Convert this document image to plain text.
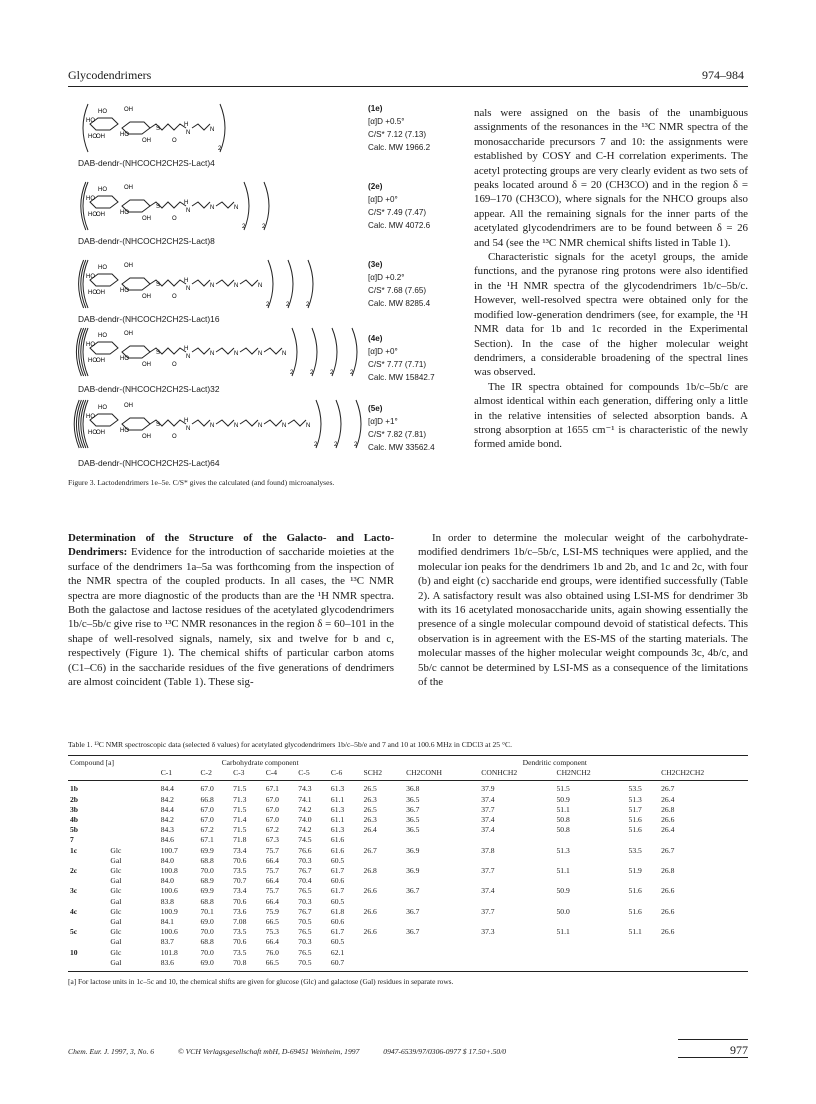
Glycodendrimers	974–984
HO	OH
HO
HO OH	HO
OH
S
H
N
O
N
2
DAB-dendr-(NHCOCH2CH2S-Lact)4
(1e)
[α]D +0.5°
C/S* 7.12 (7.13)
Calc. MW 1966.2
HO	OH
HO
HO OH	HO
OH
S
H
N
O
N	N
2	2
DAB-dendr-(NHCOCH2CH2S-Lact)8
(2e)
[α]D +0°
C/S* 7.49 (7.47)
Calc. MW 4072.6
HO	OH
HO
HO OH	HO
OH
S
H
N
O
N	N	N
2	2	2
DAB-dendr-(NHCOCH2CH2S-Lact)16
(3e)
[α]D +0.2°
C/S* 7.68 (7.65)
Calc. MW 8285.4
HO	OH
HO
HO OH	HO
OH
S
H
N
O
N	N	N	N
2	2	2	2
DAB-dendr-(NHCOCH2CH2S-Lact)32
(4e)
[α]D +0°
C/S* 7.77 (7.71)
Calc. MW 15842.7
HO	OH
HO
HO OH	HO
OH
S
H
N
O
N	N	N	N	N
2	2	2
DAB-dendr-(NHCOCH2CH2S-Lact)64
(5e)
[α]D +1°
C/S* 7.82 (7.81)
Calc. MW 33562.4
Figure 3. Lactodendrimers 1e–5e. C/S* gives the calculated (and found) microanalyses.

nals were assigned on the basis of the unambiguous assignments of the resonances in the ¹³C NMR spectra of the monosaccharide precursors 7 and 10: the assignments were established by COSY and C-H correlation experiments. The acetyl protecting groups are very clearly evident as two sets of peaks located around δ = 20 (CH3CO) and in the region δ = 169–170 (CH3CO), where signals for the NHCO groups also appear. All the remaining signals for the inner parts of the acetylated glycodendrimers are to be found between δ = 26 and 54 (see the ¹³C NMR chemical shifts listed in Table 1).

Characteristic signals for the acetyl groups, the amide functions, and the pyranose ring protons were also identified in the ¹H NMR spectra of the glycodendrimers 1b/c–5b/c. However, well-resolved spectra were obtained only for the modified low-generation dendrimers (see, for example, the ¹H NMR data for 1b and 1c recorded in the Experimental Section). In the case of the higher molecular weight dendrimers, a considerable broadening of the spectral lines was observed.

The IR spectra obtained for compounds 1b/c–5b/c are almost identical within each generation, differing only a little in the relative intensities of selected absorption bands. A strong absorption at 1655 cm⁻¹ is characteristic of the newly formed amide bond.

Determination of the Structure of the Galacto- and Lacto-Dendrimers: Evidence for the introduction of saccharide moieties at the surface of the dendrimers 1a–5a was forthcoming from the inspection of the NMR spectra of the coupled products. In all cases, the ¹³C NMR spectra are more diagnostic of the products than are the ¹H NMR spectra. Both the galactose and lactose residues of the acetylated glycodendrimers 1b/c–5b/c give rise to ¹³C NMR resonances in the region δ = 60–101 in the shape of well-resolved signals, namely, six and twelve for b and c, respectively (Figure 1). The chemical shifts of particular carbon atoms (C1–C6) in the saccharide residues of the five generations of dendrimers are almost coincident (Table 1). These sig-

In order to determine the molecular weight of the carbohydrate-modified dendrimers 1b/c–5b/c, LSI-MS techniques were applied, and the molecular ion peaks for the dendrimers 1b and 2b, and 1c and 2c, with four (b) and eight (c) saccharide end groups, were identified successfully (Table 2). A satisfactory result was also obtained using LSI-MS for dendrimer 3b with its 16 acetylated monosaccharide units, again showing essentially the presence of a single molecular compound devoid of statistical defects. This observation is in agreement with the ES-MS of the starting materials. The molecular masses of the higher molecular weight compounds 3c, 4b/c, and 5b/c cannot be determined by LSI-MS as a consequence of the limitations of the

Table 1. ¹³C NMR spectroscopic data (selected δ values) for acetylated glycodendrimers 1b/c–5b/e and 7 and 10 at 100.6 MHz in CDCl3 at 25 °C.
Compound [a]		Carbohydrate component						Dendritic component					
		C-1	C-2	C-3	C-4	C-5	C-6	SCH2	CH2CONH	CONHCH2	CH2NCH2		CH2CH2CH2
1b		84.4	67.0	71.5	67.1	74.3	61.3	26.5	36.8	37.9	51.5	53.5	26.7
2b		84.2	66.8	71.3	67.0	74.1	61.1	26.3	36.5	37.4	50.9	51.3	26.4
3b		84.4	67.0	71.5	67.0	74.2	61.3	26.5	36.7	37.7	51.1	51.7	26.8
4b		84.2	67.0	71.4	67.0	74.0	61.1	26.3	36.5	37.4	50.8	51.6	26.6
5b		84.3	67.2	71.5	67.2	74.2	61.3	26.4	36.5	37.4	50.8	51.6	26.4
7		84.6	67.1	71.8	67.3	74.5	61.6						
1c	Glc	100.7	69.9	73.4	75.7	76.6	61.6	26.7	36.9	37.8	51.3	53.5	26.7
	Gal	84.0	68.8	70.6	66.4	70.3	60.5						
2c	Glc	100.8	70.0	73.5	75.7	76.7	61.7	26.8	36.9	37.7	51.1	51.9	26.8
	Gal	84.0	68.9	70.7	66.4	70.4	60.6						
3c	Glc	100.6	69.9	73.4	75.7	76.5	61.7	26.6	36.7	37.4	50.9	51.6	26.6
	Gal	83.8	68.8	70.6	66.4	70.3	60.5						
4c	Glc	100.9	70.1	73.6	75.9	76.7	61.8	26.6	36.7	37.7	50.0	51.6	26.6
	Gal	84.1	69.0	7.08	66.5	70.5	60.6						
5c	Glc	100.6	70.0	73.5	75.3	76.5	61.7	26.6	36.7	37.3	51.1	51.1	26.6
	Gal	83.7	68.8	70.6	66.4	70.3	60.5						
10	Glc	101.8	70.0	73.5	76.0	76.5	62.1						
	Gal	83.6	69.0	70.8	66.5	70.5	60.7						
[a] For lactose units in 1c–5c and 10, the chemical shifts are given for glucose (Glc) and galactose (Gal) residues in separate rows.
Chem. Eur. J. 1997, 3, No. 6	© VCH Verlagsgesellschaft mbH, D-69451 Weinheim, 1997	0947-6539/97/0306-0977 $ 17.50+.50/0	977
